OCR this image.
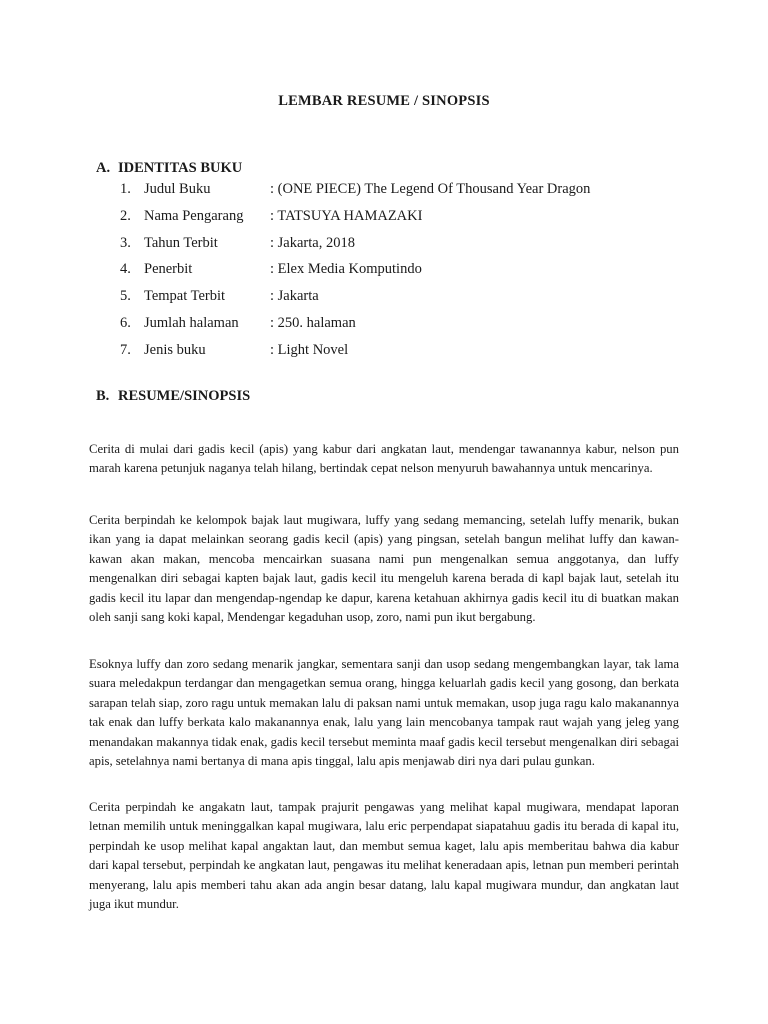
LEMBAR RESUME / SINOPSIS
A. IDENTITAS BUKU
1. Judul Buku	: (ONE PIECE) The Legend Of Thousand Year Dragon
2. Nama Pengarang : TATSUYA HAMAZAKI
3. Tahun Terbit	: Jakarta, 2018
4. Penerbit	: Elex Media Komputindo
5. Tempat Terbit	: Jakarta
6. Jumlah halaman : 250. halaman
7. Jenis buku	: Light Novel
B. RESUME/SINOPSIS

Cerita di mulai dari gadis kecil (apis) yang kabur dari angkatan laut, mendengar tawanannya kabur, nelson pun marah karena petunjuk naganya telah hilang, bertindak cepat nelson menyuruh bawahannya untuk mencarinya.

Cerita berpindah ke kelompok bajak laut mugiwara, luffy yang sedang memancing, setelah luffy menarik, bukan ikan yang ia dapat melainkan seorang gadis kecil (apis) yang pingsan, setelah bangun melihat luffy dan kawan-kawan akan makan, mencoba mencairkan suasana nami pun mengenalkan semua anggotanya, dan luffy mengenalkan diri sebagai kapten bajak laut, gadis kecil itu mengeluh karena berada di kapl bajak laut, setelah itu gadis kecil itu lapar dan mengendap-ngendap ke dapur, karena ketahuan akhirnya gadis kecil itu di buatkan makan oleh sanji sang koki kapal, Mendengar kegaduhan usop, zoro, nami pun ikut bergabung.

Esoknya luffy dan zoro sedang menarik jangkar, sementara sanji dan usop sedang mengembangkan layar, tak lama suara meledakpun terdangar dan mengagetkan semua orang, hingga keluarlah gadis kecil yang gosong, dan berkata sarapan telah siap, zoro ragu untuk memakan lalu di paksan nami untuk memakan, usop juga ragu kalo makanannya tak enak dan luffy berkata kalo makanannya enak, lalu yang lain mencobanya tampak raut wajah yang jeleg yang menandakan makannya tidak enak, gadis kecil tersebut meminta maaf gadis kecil tersebut mengenalkan diri sebagai apis, setelahnya nami bertanya di mana apis tinggal, lalu apis menjawab diri nya dari pulau gunkan.

Cerita perpindah ke angakatn laut, tampak prajurit pengawas yang melihat kapal mugiwara, mendapat laporan letnan memilih untuk meninggalkan kapal mugiwara, lalu eric perpendapat siapatahuu gadis itu berada di kapal itu, perpindah ke usop melihat kapal angaktan laut, dan membut semua kaget, lalu apis memberitau bahwa dia kabur dari kapal tersebut, perpindah ke angkatan laut, pengawas itu melihat keneradaan apis, letnan pun memberi perintah menyerang, lalu apis memberi tahu akan ada angin besar datang, lalu kapal mugiwara mundur, dan angkatan laut juga ikut mundur.
